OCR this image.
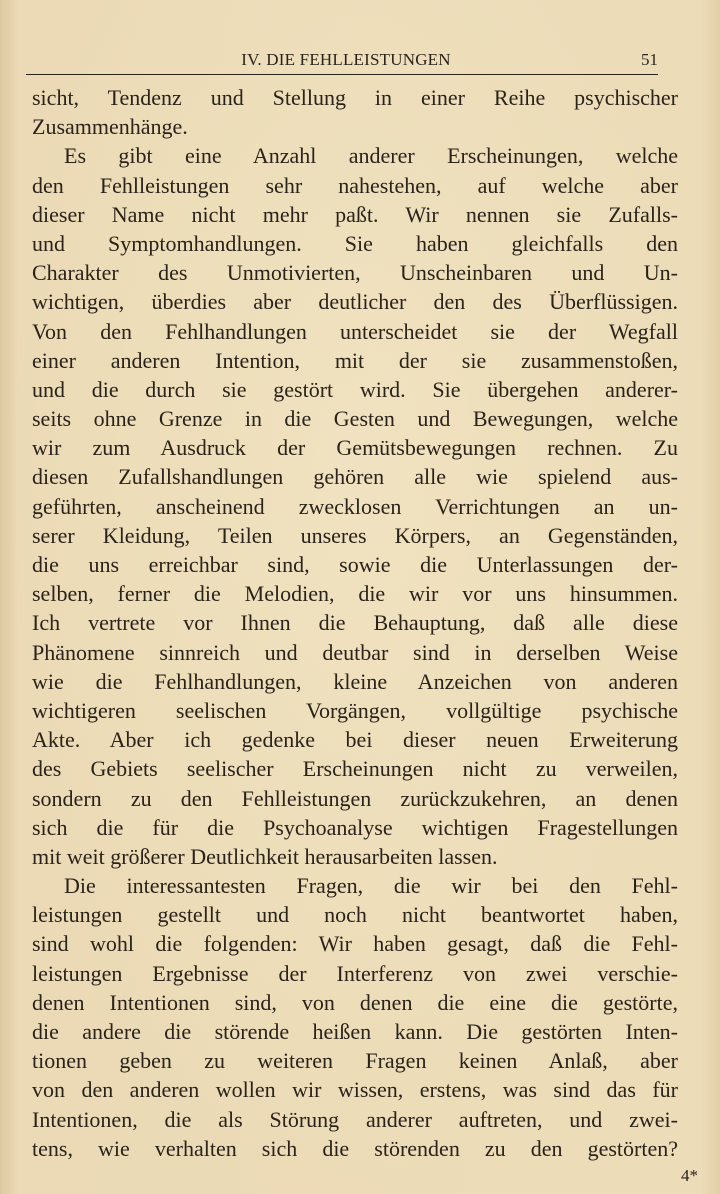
IV. DIE FEHLLEISTUNGEN	51
sicht, Tendenz und Stellung in einer Reihe psychischer
Zusammenhänge.
Es gibt eine Anzahl anderer Erscheinungen, welche
den Fehlleistungen sehr nahestehen, auf welche aber
dieser Name nicht mehr paßt. Wir nennen sie Zufalls-
und Symptomhandlungen. Sie haben gleichfalls den
Charakter des Unmotivierten, Unscheinbaren und Un-
wichtigen, überdies aber deutlicher den des Überflüssigen.
Von den Fehlhandlungen unterscheidet sie der Wegfall
einer anderen Intention, mit der sie zusammenstoßen,
und die durch sie gestört wird. Sie übergehen anderer-
seits ohne Grenze in die Gesten und Bewegungen, welche
wir zum Ausdruck der Gemütsbewegungen rechnen. Zu
diesen Zufallshandlungen gehören alle wie spielend aus-
geführten, anscheinend zwecklosen Verrichtungen an un-
serer Kleidung, Teilen unseres Körpers, an Gegenständen,
die uns erreichbar sind, sowie die Unterlassungen der-
selben, ferner die Melodien, die wir vor uns hinsummen.
Ich vertrete vor Ihnen die Behauptung, daß alle diese
Phänomene sinnreich und deutbar sind in derselben Weise
wie die Fehlhandlungen, kleine Anzeichen von anderen
wichtigeren seelischen Vorgängen, vollgültige psychische
Akte. Aber ich gedenke bei dieser neuen Erweiterung
des Gebiets seelischer Erscheinungen nicht zu verweilen,
sondern zu den Fehlleistungen zurückzukehren, an denen
sich die für die Psychoanalyse wichtigen Fragestellungen
mit weit größerer Deutlichkeit herausarbeiten lassen.
Die interessantesten Fragen, die wir bei den Fehl-
leistungen gestellt und noch nicht beantwortet haben,
sind wohl die folgenden: Wir haben gesagt, daß die Fehl-
leistungen Ergebnisse der Interferenz von zwei verschie-
denen Intentionen sind, von denen die eine die gestörte,
die andere die störende heißen kann. Die gestörten Inten-
tionen geben zu weiteren Fragen keinen Anlaß, aber
von den anderen wollen wir wissen, erstens, was sind das für
Intentionen, die als Störung anderer auftreten, und zwei-
tens, wie verhalten sich die störenden zu den gestörten?
4*
